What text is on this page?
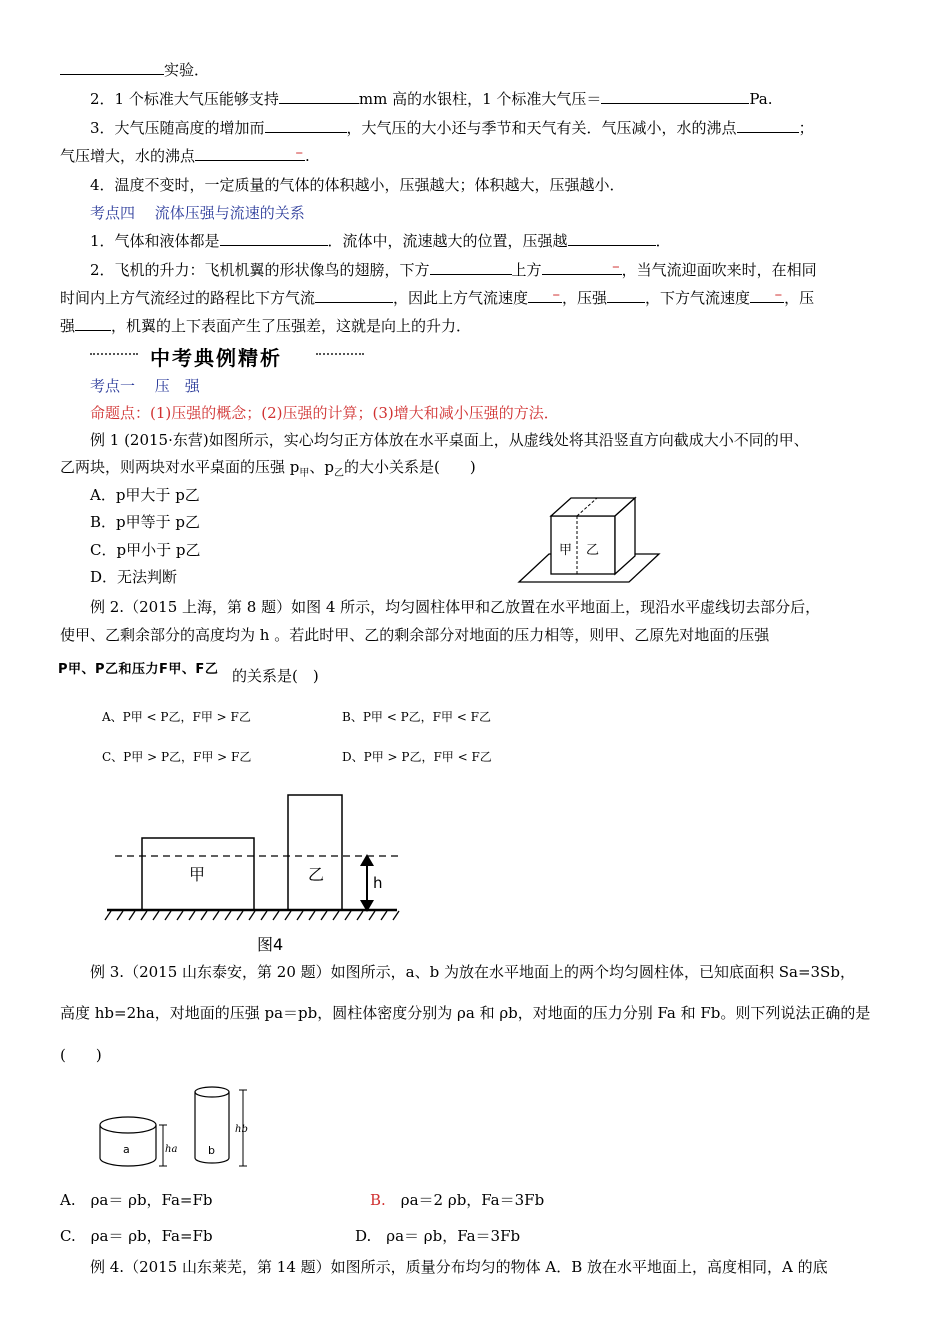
实验．
2．1 个标准大气压能够支持	mm 高的水银柱，1 个标准大气压＝	Pa.
3．大气压随高度的增加而	，大气压的大小还与季节和天气有关．气压减小，水的沸点	；
气压增大，水的沸点	– .
4．温度不变时，一定质量的气体的体积越小，压强越大；体积越大，压强越小．
考点四　 流体压强与流速的关系
1．气体和液体都是	．流体中，流速越大的位置，压强越	．
2．飞机的升力：飞机机翼的形状像鸟的翅膀，下方	上方	– ，当气流迎面吹来时，在相同
时间内上方气流经过的路程比下方气流	，因此上方气流速度 – ，压强	，下方气流速度 – ，压
强 ，机翼的上下表面产生了压强差，这就是向上的升力．
中考典例精析
考点一　 压　强
命题点：(1)压强的概念；(2)压强的计算；(3)增大和减小压强的方法．
例 1 (2015·东营)如图所示，实心均匀正方体放在水平桌面上，从虚线处将其沿竖直方向截成大小不同的甲、
乙两块，则两块对水平桌面的压强 $p_甲$、$p_乙$的大小关系是(　　)
A．p甲大于 p乙
B．p甲等于 p乙
C．p甲小于 p乙
D．无法判断
甲 乙
例 2.（2015 上海，第 8 题）如图 4 所示，均匀圆柱体甲和乙放置在水平地面上，现沿水平虚线切去部分后，
使甲、乙剩余部分的高度均为 h 。若此时甲、乙的剩余部分对地面的压力相等，则甲、乙原先对地面的压强
P甲、P乙和压力F甲、F乙 的关系是(　)
A、P甲 < P乙，F甲 > F乙	B、P甲 < P乙，F甲 < F乙
C、P甲 > P乙，F甲 > F乙	D、P甲 > P乙，F甲 < F乙
甲	乙	h
图4
例 3.（2015 山东泰安，第 20 题）如图所示，a、b 为放在水平地面上的两个均匀圆柱体，已知底面积 Sa=3Sb，
高度 hb=2ha，对地面的压强 pa＝pb，圆柱体密度分别为 ρa 和 ρb，对地面的压力分别 Fa 和 Fb。则下列说法正确的是
(　　)
a	b
ha
hb
A.　ρa＝ ρb，Fa=Fb	B.　ρa＝2 ρb，Fa＝3Fb
C.　ρa＝ ρb，Fa=Fb	D.　ρa＝ ρb，Fa＝3Fb
例 4.（2015 山东莱芜，第 14 题）如图所示，质量分布均匀的物体 A．B 放在水平地面上，高度相同，A 的底
